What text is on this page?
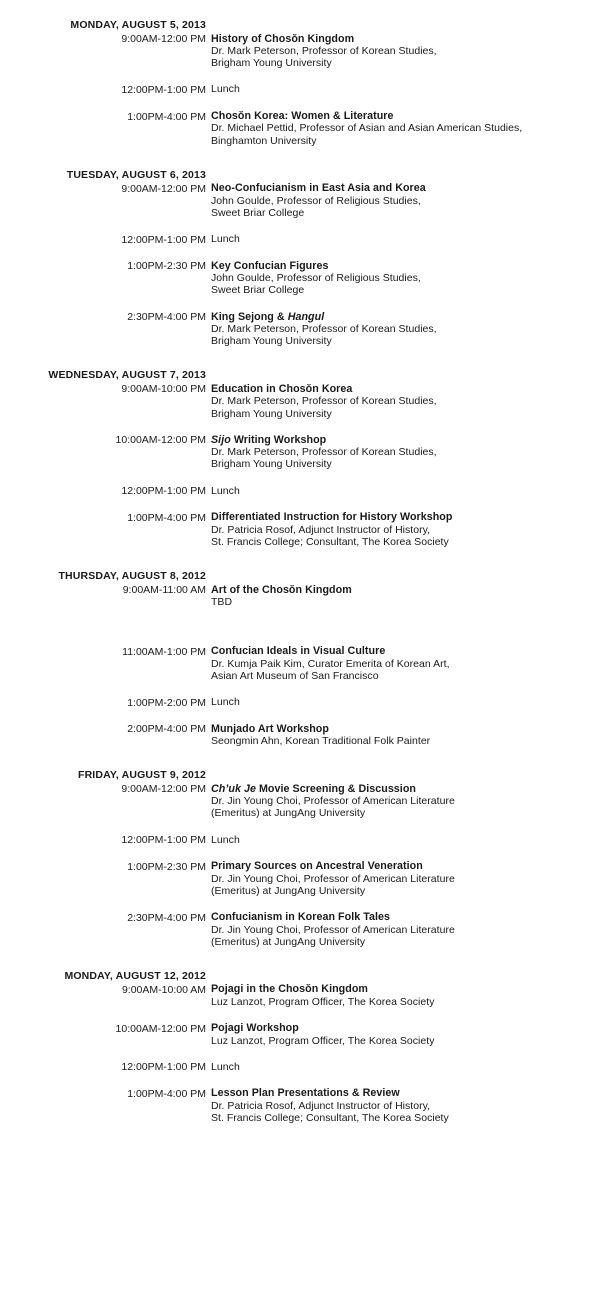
MONDAY, AUGUST 5, 2013
9:00AM-12:00 PM History of Chosŏn Kingdom
Dr. Mark Peterson, Professor of Korean Studies,
Brigham Young University
12:00PM-1:00 PM Lunch
1:00PM-4:00 PM Chosŏn Korea: Women & Literature
Dr. Michael Pettid, Professor of Asian and Asian American Studies,
Binghamton University
TUESDAY, AUGUST 6, 2013
9:00AM-12:00 PM Neo-Confucianism in East Asia and Korea
John Goulde, Professor of Religious Studies,
Sweet Briar College
12:00PM-1:00 PM Lunch
1:00PM-2:30 PM Key Confucian Figures
John Goulde, Professor of Religious Studies,
Sweet Briar College
2:30PM-4:00 PM King Sejong & Hangul
Dr. Mark Peterson, Professor of Korean Studies,
Brigham Young University
WEDNESDAY, AUGUST 7, 2013
9:00AM-10:00 PM Education in Chosŏn Korea
Dr. Mark Peterson, Professor of Korean Studies,
Brigham Young University
10:00AM-12:00 PM Sijo Writing Workshop
Dr. Mark Peterson, Professor of Korean Studies,
Brigham Young University
12:00PM-1:00 PM Lunch
1:00PM-4:00 PM Differentiated Instruction for History Workshop
Dr. Patricia Rosof, Adjunct Instructor of History,
St. Francis College; Consultant, The Korea Society
THURSDAY, AUGUST 8, 2012
9:00AM-11:00 AM Art of the Chosŏn Kingdom
TBD
11:00AM-1:00 PM Confucian Ideals in Visual Culture
Dr. Kumja Paik Kim, Curator Emerita of Korean Art,
Asian Art Museum of San Francisco
1:00PM-2:00 PM Lunch
2:00PM-4:00 PM Munjado Art Workshop
Seongmin Ahn, Korean Traditional Folk Painter
FRIDAY, AUGUST 9, 2012
9:00AM-12:00 PM Ch’uk Je Movie Screening & Discussion
Dr. Jin Young Choi, Professor of American Literature
(Emeritus) at JungAng University
12:00PM-1:00 PM Lunch
1:00PM-2:30 PM Primary Sources on Ancestral Veneration
Dr. Jin Young Choi, Professor of American Literature
(Emeritus) at JungAng University
2:30PM-4:00 PM Confucianism in Korean Folk Tales
Dr. Jin Young Choi, Professor of American Literature
(Emeritus) at JungAng University
MONDAY, AUGUST 12, 2012
9:00AM-10:00 AM Pojagi in the Chosŏn Kingdom
Luz Lanzot, Program Officer, The Korea Society
10:00AM-12:00 PM Pojagi Workshop
Luz Lanzot, Program Officer, The Korea Society
12:00PM-1:00 PM Lunch
1:00PM-4:00 PM Lesson Plan Presentations & Review
Dr. Patricia Rosof, Adjunct Instructor of History,
St. Francis College; Consultant, The Korea Society
